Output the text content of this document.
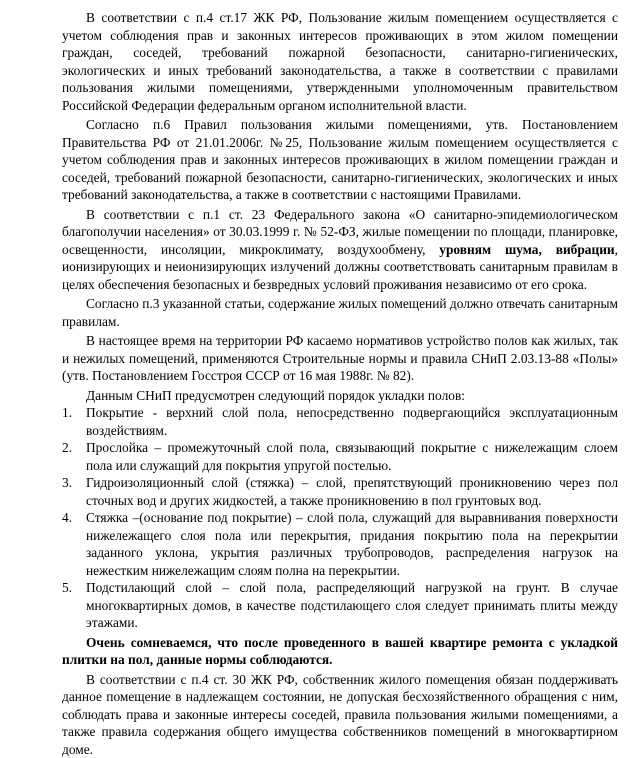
В соответствии с п.4 ст.17 ЖК РФ, Пользование жилым помещением осуществляется с учетом соблюдения прав и законных интересов проживающих в этом жилом помещении граждан, соседей, требований пожарной безопасности, санитарно-гигиенических, экологических и иных требований законодательства, а также в соответствии с правилами пользования жилыми помещениями, утвержденными уполномоченным правительством Российской Федерации федеральным органом исполнительной власти.

Согласно п.6 Правил пользования жилыми помещениями, утв. Постановлением Правительства РФ от 21.01.2006г. №25, Пользование жилым помещением осуществляется с учетом соблюдения прав и законных интересов проживающих в жилом помещении граждан и соседей, требований пожарной безопасности, санитарно-гигиенических, экологических и иных требований законодательства, а также в соответствии с настоящими Правилами.

В соответствии с п.1 ст. 23 Федерального закона «О санитарно-эпидемиологическом благополучии населения» от 30.03.1999 г. № 52-ФЗ, жилые помещении по площади, планировке, освещенности, инсоляции, микроклимату, воздухообмену, уровням шума, вибрации, ионизирующих и неионизирующих излучений должны соответствовать санитарным правилам в целях обеспечения безопасных и безвредных условий проживания независимо от его срока.

Согласно п.3 указанной статьи, содержание жилых помещений должно отвечать санитарным правилам.

В настоящее время на территории РФ касаемо нормативов устройство полов как жилых, так и нежилых помещений, применяются Строительные нормы и правила СНиП 2.03.13-88 «Полы» (утв. Постановлением Госстроя СССР от 16 мая 1988г. № 82).

Данным СНиП предусмотрен следующий порядок укладки полов:

1.	Покрытие - верхний слой пола, непосредственно подвергающийся эксплуатационным воздействиям.
2.	Прослойка – промежуточный слой пола, связывающий покрытие с нижележащим слоем пола или служащий для покрытия упругой постелью.
3.	Гидроизоляционный слой (стяжка) – слой, препятствующий проникновению через пол сточных вод и других жидкостей, а также проникновению в пол грунтовых вод.
4.	Стяжка –(основание под покрытие) – слой пола, служащий для выравнивания поверхности нижележащего слоя пола или перекрытия, придания покрытию пола на перекрытии заданного уклона, укрытия различных трубопроводов, распределения нагрузок на нежестким нижележащим слоям полна на перекрытии.
5.	Подстилающий слой – слой пола, распределяющий нагрузкой на грунт. В случае многоквартирных домов, в качестве подстилающего слоя следует принимать плиты между этажами.

Очень сомневаемся, что после проведенного в вашей квартире ремонта с укладкой плитки на пол, данные нормы соблюдаются.

В соответствии с п.4 ст. 30 ЖК РФ, собственник жилого помещения обязан поддерживать данное помещение в надлежащем состоянии, не допуская бесхозяйственного обращения с ним, соблюдать права и законные интересы соседей, правила пользования жилыми помещениями, а также правила содержания общего имущества собственников помещений в многоквартирном доме.
